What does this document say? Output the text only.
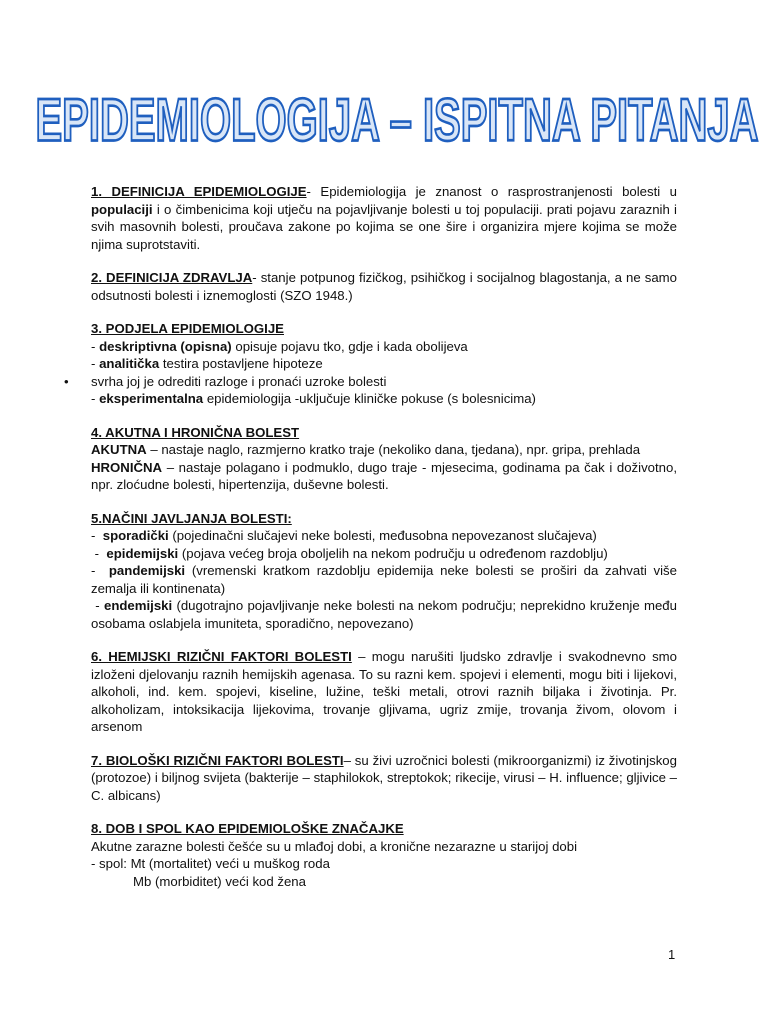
EPIDEMIOLOGIJA – ISPITNA PITANJA

1. DEFINICIJA EPIDEMIOLOGIJE- Epidemiologija je znanost o rasprostranjenosti bolesti u populaciji i o čimbenicima koji utječu na pojavljivanje bolesti u toj populaciji. prati pojavu zaraznih i svih masovnih bolesti, proučava zakone po kojima se one šire i organizira mjere kojima se može njima suprotstaviti.

2. DEFINICIJA ZDRAVLJA- stanje potpunog fizičkog, psihičkog i socijalnog blagostanja, a ne samo odsutnosti bolesti i iznemoglosti (SZO 1948.)

3. PODJELA EPIDEMIOLOGIJE

- deskriptivna (opisna) opisuje pojavu tko, gdje i kada obolijeva

- analitička testira postavljene hipoteze

• svrha joj je odrediti razloge i pronaći uzroke bolesti

- eksperimentalna epidemiologija -uključuje kliničke pokuse (s bolesnicima)

4. AKUTNA I HRONIČNA BOLEST

AKUTNA – nastaje naglo, razmjerno kratko traje (nekoliko dana, tjedana), npr. gripa, prehlada

HRONIČNA – nastaje polagano i podmuklo, dugo traje - mjesecima, godinama pa čak i doživotno, npr. zloćudne bolesti, hipertenzija, duševne bolesti.

5.NAČINI JAVLJANJA BOLESTI:

-  sporadički (pojedinačni slučajevi neke bolesti, međusobna nepovezanost slučajeva)

-  epidemijski (pojava većeg broja oboljelih na nekom području u određenom razdoblju)

-  pandemijski (vremenski kratkom razdoblju epidemija neke bolesti se proširi da zahvati više zemalja ili kontinenata)

- endemijski (dugotrajno pojavljivanje neke bolesti na nekom području; neprekidno kruženje među osobama oslabjela imuniteta, sporadično, nepovezano)

6. HEMIJSKI RIZIČNI FAKTORI BOLESTI – mogu narušiti ljudsko zdravlje i svakodnevno smo izloženi djelovanju raznih hemijskih agenasa. To su razni kem. spojevi i elementi, mogu biti i lijekovi, alkoholi, ind. kem. spojevi, kiseline, lužine, teški metali, otrovi raznih biljaka i životinja. Pr. alkoholizam, intoksikacija lijekovima, trovanje gljivama, ugriz zmije, trovanja živom, olovom i arsenom

7. BIOLOŠKI RIZIČNI FAKTORI BOLESTI– su živi uzročnici bolesti (mikroorganizmi) iz životinjskog (protozoe) i biljnog svijeta (bakterije – staphilokok, streptokok; rikecije, virusi – H. influence; gljivice – C. albicans)

8. DOB I SPOL KAO EPIDEMIOLOŠKE ZNAČAJKE

Akutne zarazne bolesti češće su u mlađoj dobi, a kronične nezarazne u starijoj dobi

- spol: Mt (mortalitet) veći u muškog roda

Mb (morbiditet) veći kod žena

1
